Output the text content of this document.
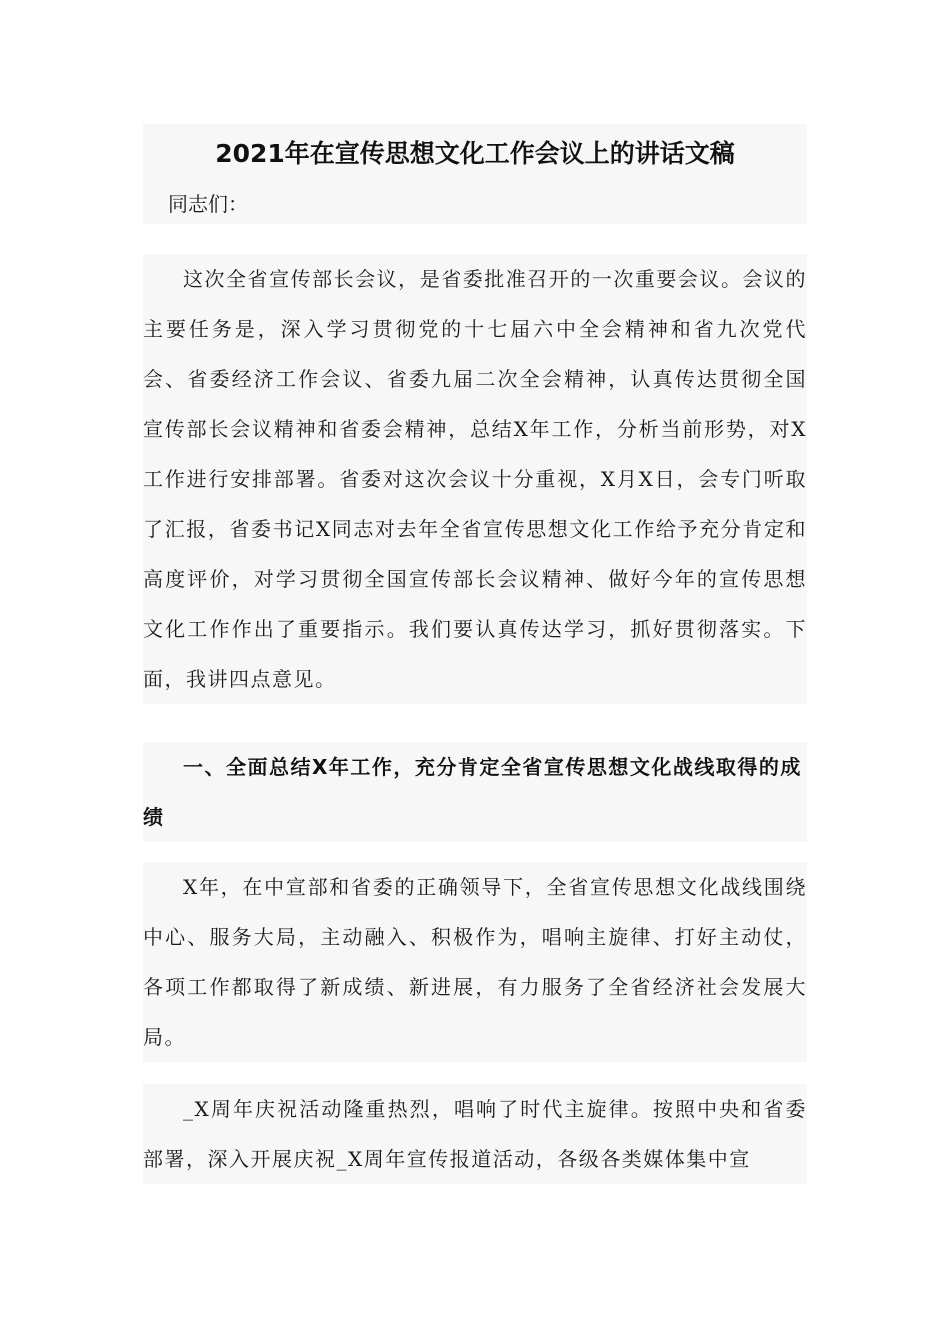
2021年在宣传思想文化工作会议上的讲话文稿
同志们：

这次全省宣传部长会议，是省委批准召开的一次重要会议。会议的主要任务是，深入学习贯彻党的十七届六中全会精神和省九次党代会、省委经济工作会议、省委九届二次全会精神，认真传达贯彻全国宣传部长会议精神和省委会精神，总结X年工作，分析当前形势，对X工作进行安排部署。省委对这次会议十分重视，X月X日，会专门听取了汇报，省委书记X同志对去年全省宣传思想文化工作给予充分肯定和高度评价，对学习贯彻全国宣传部长会议精神、做好今年的宣传思想文化工作作出了重要指示。我们要认真传达学习，抓好贯彻落实。下面，我讲四点意见。

一、全面总结X年工作，充分肯定全省宣传思想文化战线取得的成绩

X年，在中宣部和省委的正确领导下，全省宣传思想文化战线围绕中心、服务大局，主动融入、积极作为，唱响主旋律、打好主动仗，各项工作都取得了新成绩、新进展，有力服务了全省经济社会发展大局。

_X周年庆祝活动隆重热烈，唱响了时代主旋律。按照中央和省委部署，深入开展庆祝_X周年宣传报道活动，各级各类媒体集中宣
